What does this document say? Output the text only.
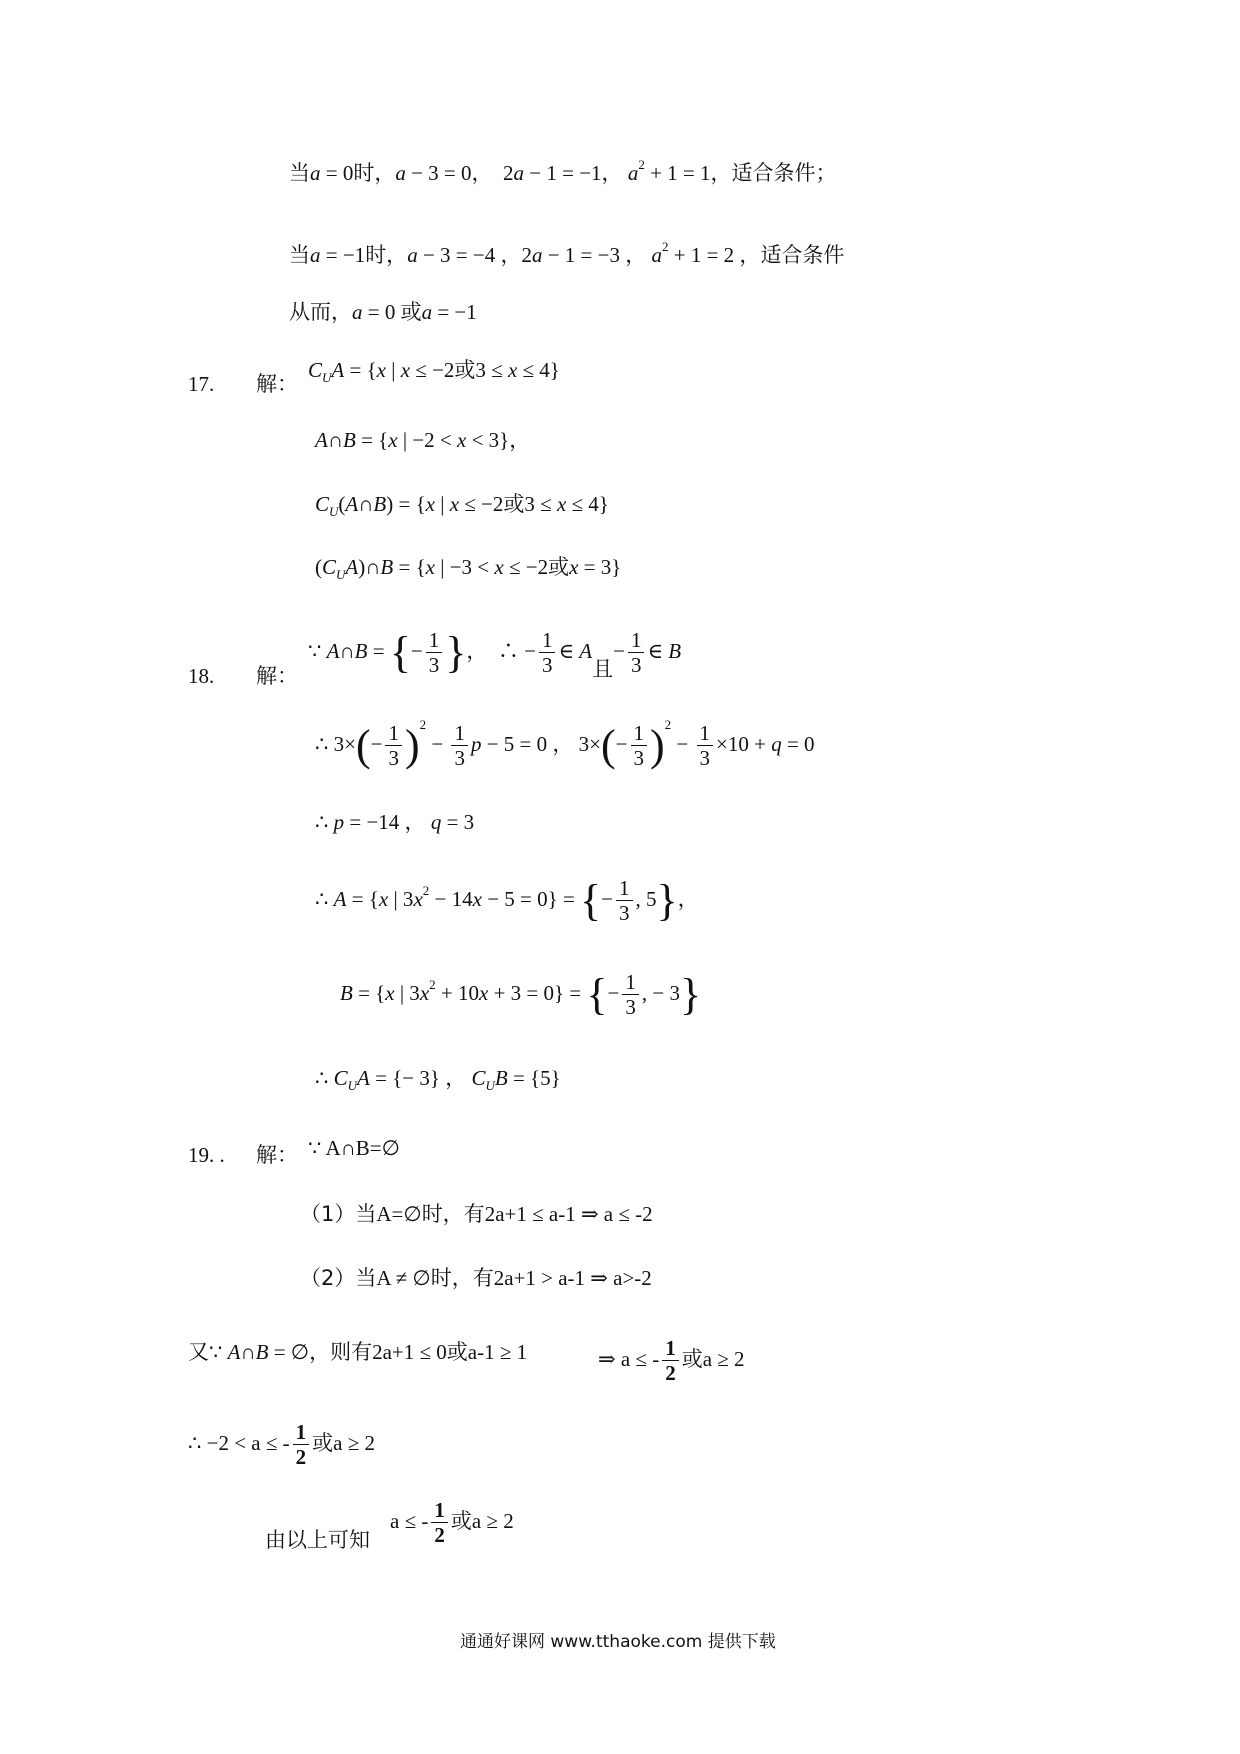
当a = 0时，a − 3 = 0，  2a − 1 = −1， $a^2 + 1 = 1$，适合条件；
当a = −1时，a − 3 = −4 ，2a − 1 = −3 ， $a^2 + 1 = 2$ ，适合条件
从而，a = 0 或a = −1
17. 解：
$C_UA = \{x$ | x ≤ −2或3 ≤ x ≤ 4}
A∩B = {x | −2 < x < 3}，
$C_U(A\cap B) = \{x$ | x ≤ −2或3 ≤ x ≤ 4}
$(C_UA)\cap B = \{x$ | −3 < x ≤ −2或x = 3}
18. 解：
∵ A∩B = {− $\frac{1}{3}$ }，  ∴ − $\frac{1}{3}$ ∈ A且− $\frac{1}{3}$ ∈ B
∴ $3\times(- \frac{1}{3} )^2 - \frac{1}{3}$ p − 5 = 0 ， $3\times(- \frac{1}{3} )^2 - \frac{1}{3} \times 10 + q = 0$
∴ p = −14 ， q = 3
∴ A = {x | $3x^2 - 14x - 5 = 0$} = {− $\frac{1}{3}$ , 5}，
B = {x | $3x^2 + 10x + 3 = 0$} = {− $\frac{1}{3}$ , − 3}
∴ $C_UA$ = {− 3} ， $C_UB = \{5\}$
19. . 解： ∵ A∩B=∅
（1）当A=∅时，有2a+1 ≤ a-1 ⇒ a ≤ -2
（2）当A ≠ ∅时，有2a+1 > a-1 ⇒ a>-2
又∵ A∩B = ∅，则有2a+1 ≤ 0或a-1 ≥ 1	⇒ a ≤ - $\frac{1}{2}$ 或a ≥ 2
∴ −2 < a ≤ - $\frac{1}{2}$ 或a ≥ 2
由以上可知
a ≤ - $\frac{1}{2}$ 或a ≥ 2
通通好课网 www.tthaoke.com 提供下载
